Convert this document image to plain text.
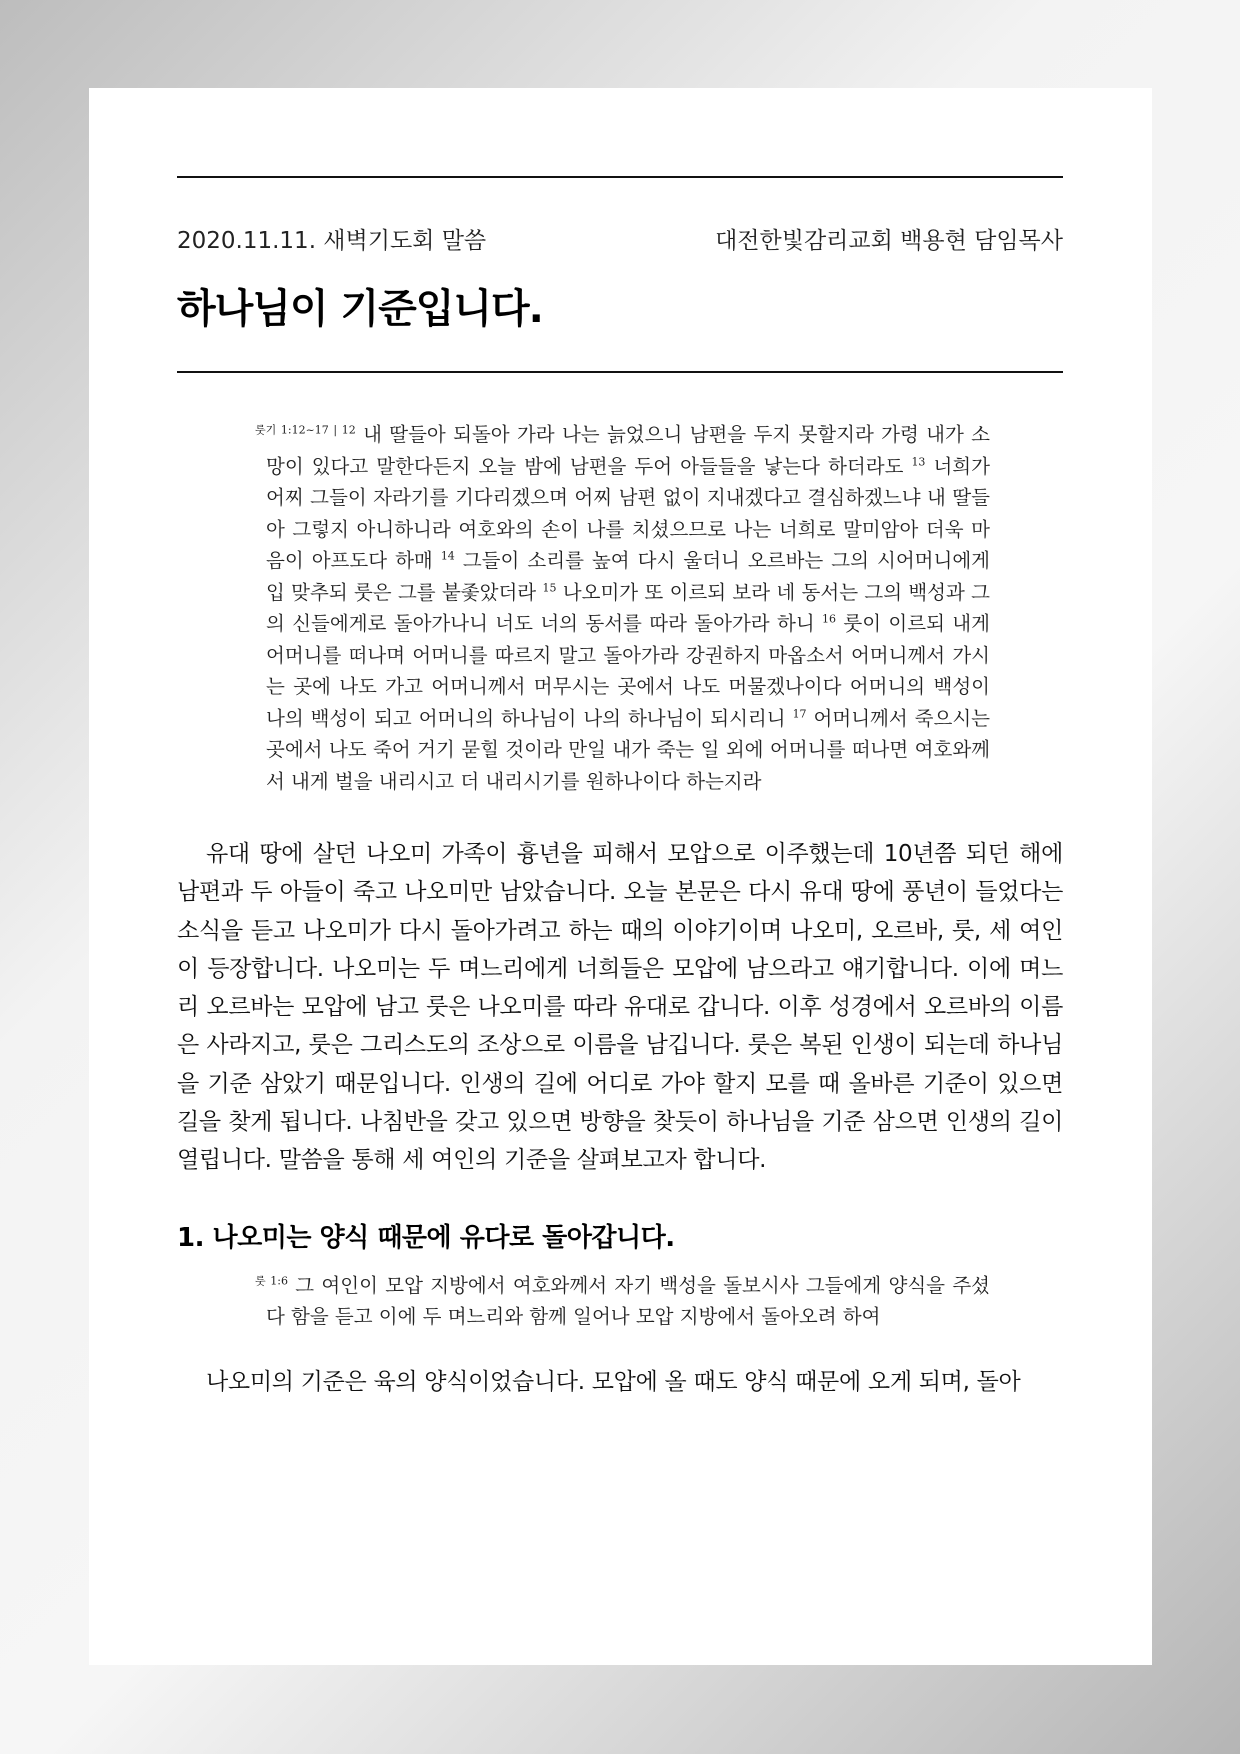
2020.11.11. 새벽기도회 말씀	대전한빛감리교회 백용현 담임목사
하나님이 기준입니다.

$^{룻기 1:12\sim 17 | 12}$ 내 딸들아 되돌아 가라 나는 늙었으니 남편을 두지 못할지라 가령 내가 소망이 있다고 말한다든지 오늘 밤에 남편을 두어 아들들을 낳는다 하더라도 $^{13}$ 너희가 어찌 그들이 자라기를 기다리겠으며 어찌 남편 없이 지내겠다고 결심하겠느냐 내 딸들아 그렇지 아니하니라 여호와의 손이 나를 치셨으므로 나는 너희로 말미암아 더욱 마음이 아프도다 하매 $^{14}$ 그들이 소리를 높여 다시 울더니 오르바는 그의 시어머니에게 입 맞추되 룻은 그를 붙좇았더라 $^{15}$ 나오미가 또 이르되 보라 네 동서는 그의 백성과 그의 신들에게로 돌아가나니 너도 너의 동서를 따라 돌아가라 하니 $^{16}$ 룻이 이르되 내게 어머니를 떠나며 어머니를 따르지 말고 돌아가라 강권하지 마옵소서 어머니께서 가시는 곳에 나도 가고 어머니께서 머무시는 곳에서 나도 머물겠나이다 어머니의 백성이 나의 백성이 되고 어머니의 하나님이 나의 하나님이 되시리니 $^{17}$ 어머니께서 죽으시는 곳에서 나도 죽어 거기 묻힐 것이라 만일 내가 죽는 일 외에 어머니를 떠나면 여호와께서 내게 벌을 내리시고 더 내리시기를 원하나이다 하는지라

유대 땅에 살던 나오미 가족이 흉년을 피해서 모압으로 이주했는데 10년쯤 되던 해에 남편과 두 아들이 죽고 나오미만 남았습니다. 오늘 본문은 다시 유대 땅에 풍년이 들었다는 소식을 듣고 나오미가 다시 돌아가려고 하는 때의 이야기이며 나오미, 오르바, 룻, 세 여인이 등장합니다. 나오미는 두 며느리에게 너희들은 모압에 남으라고 얘기합니다. 이에 며느리 오르바는 모압에 남고 룻은 나오미를 따라 유대로 갑니다. 이후 성경에서 오르바의 이름은 사라지고, 룻은 그리스도의 조상으로 이름을 남깁니다. 룻은 복된 인생이 되는데 하나님을 기준 삼았기 때문입니다. 인생의 길에 어디로 가야 할지 모를 때 올바른 기준이 있으면 길을 찾게 됩니다. 나침반을 갖고 있으면 방향을 찾듯이 하나님을 기준 삼으면 인생의 길이 열립니다. 말씀을 통해 세 여인의 기준을 살펴보고자 합니다.

1. 나오미는 양식 때문에 유다로 돌아갑니다.

$^{룻 1:6}$ 그 여인이 모압 지방에서 여호와께서 자기 백성을 돌보시사 그들에게 양식을 주셨다 함을 듣고 이에 두 며느리와 함께 일어나 모압 지방에서 돌아오려 하여

나오미의 기준은 육의 양식이었습니다. 모압에 올 때도 양식 때문에 오게 되며, 돌아
